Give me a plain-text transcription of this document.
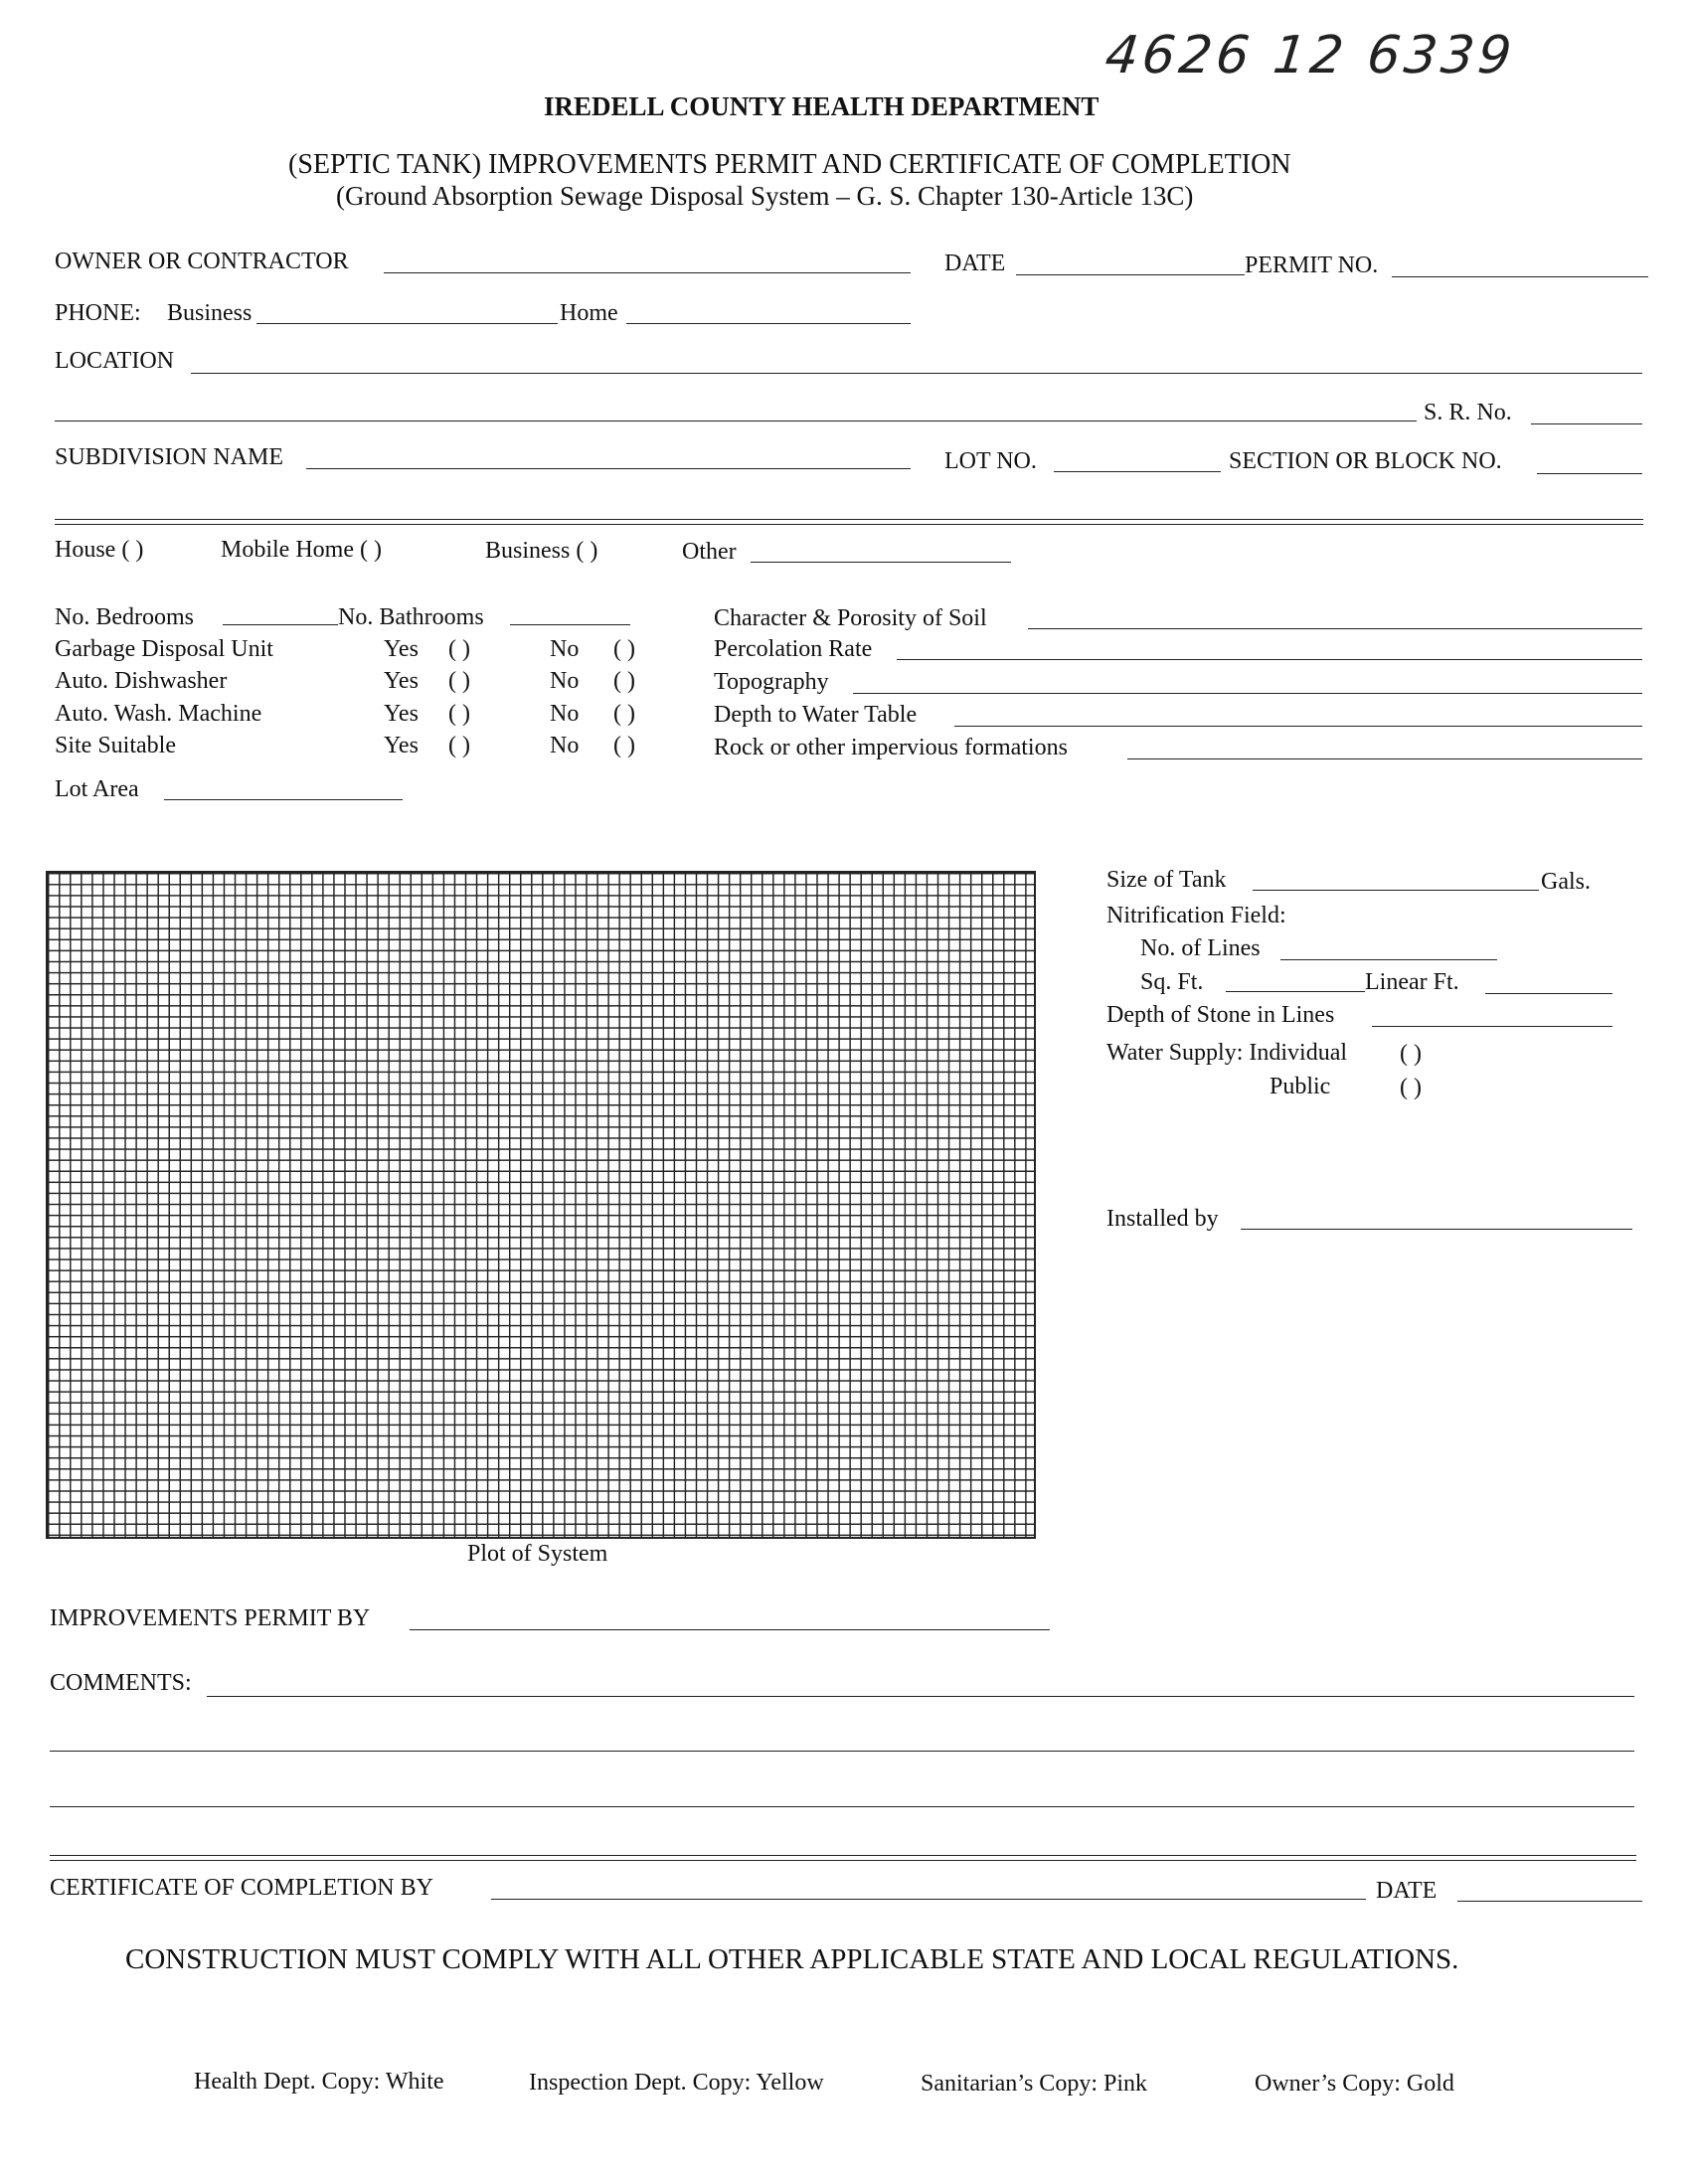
4626 12 6339
IREDELL COUNTY HEALTH DEPARTMENT
(SEPTIC TANK) IMPROVEMENTS PERMIT AND CERTIFICATE OF COMPLETION
(Ground Absorption Sewage Disposal System – G. S. Chapter 130-Article 13C)
OWNER OR CONTRACTOR	DATE	PERMIT NO.
PHONE: Business	Home
LOCATION
S. R. No.
SUBDIVISION NAME	LOT NO.	SECTION OR BLOCK NO.
House ( )	Mobile Home ( )	Business ( )	Other
No. Bedrooms	No. Bathrooms
Garbage Disposal Unit	Yes ( )	No ( )
Auto. Dishwasher	Yes ( )	No ( )
Auto. Wash. Machine	Yes ( )	No ( )
Site Suitable	Yes ( )	No ( )
Lot Area
Character & Porosity of Soil
Percolation Rate
Topography
Depth to Water Table
Rock or other impervious formations
Plot of System
Size of Tank	Gals.
Nitrification Field:
No. of Lines
Sq. Ft.	Linear Ft.
Depth of Stone in Lines
Water Supply: Individual ( )
Public	( )
Installed by
IMPROVEMENTS PERMIT BY
COMMENTS:
CERTIFICATE OF COMPLETION BY	DATE
CONSTRUCTION MUST COMPLY WITH ALL OTHER APPLICABLE STATE AND LOCAL REGULATIONS.
Health Dept. Copy: White	Inspection Dept. Copy: Yellow	Sanitarian’s Copy: Pink	Owner’s Copy: Gold
